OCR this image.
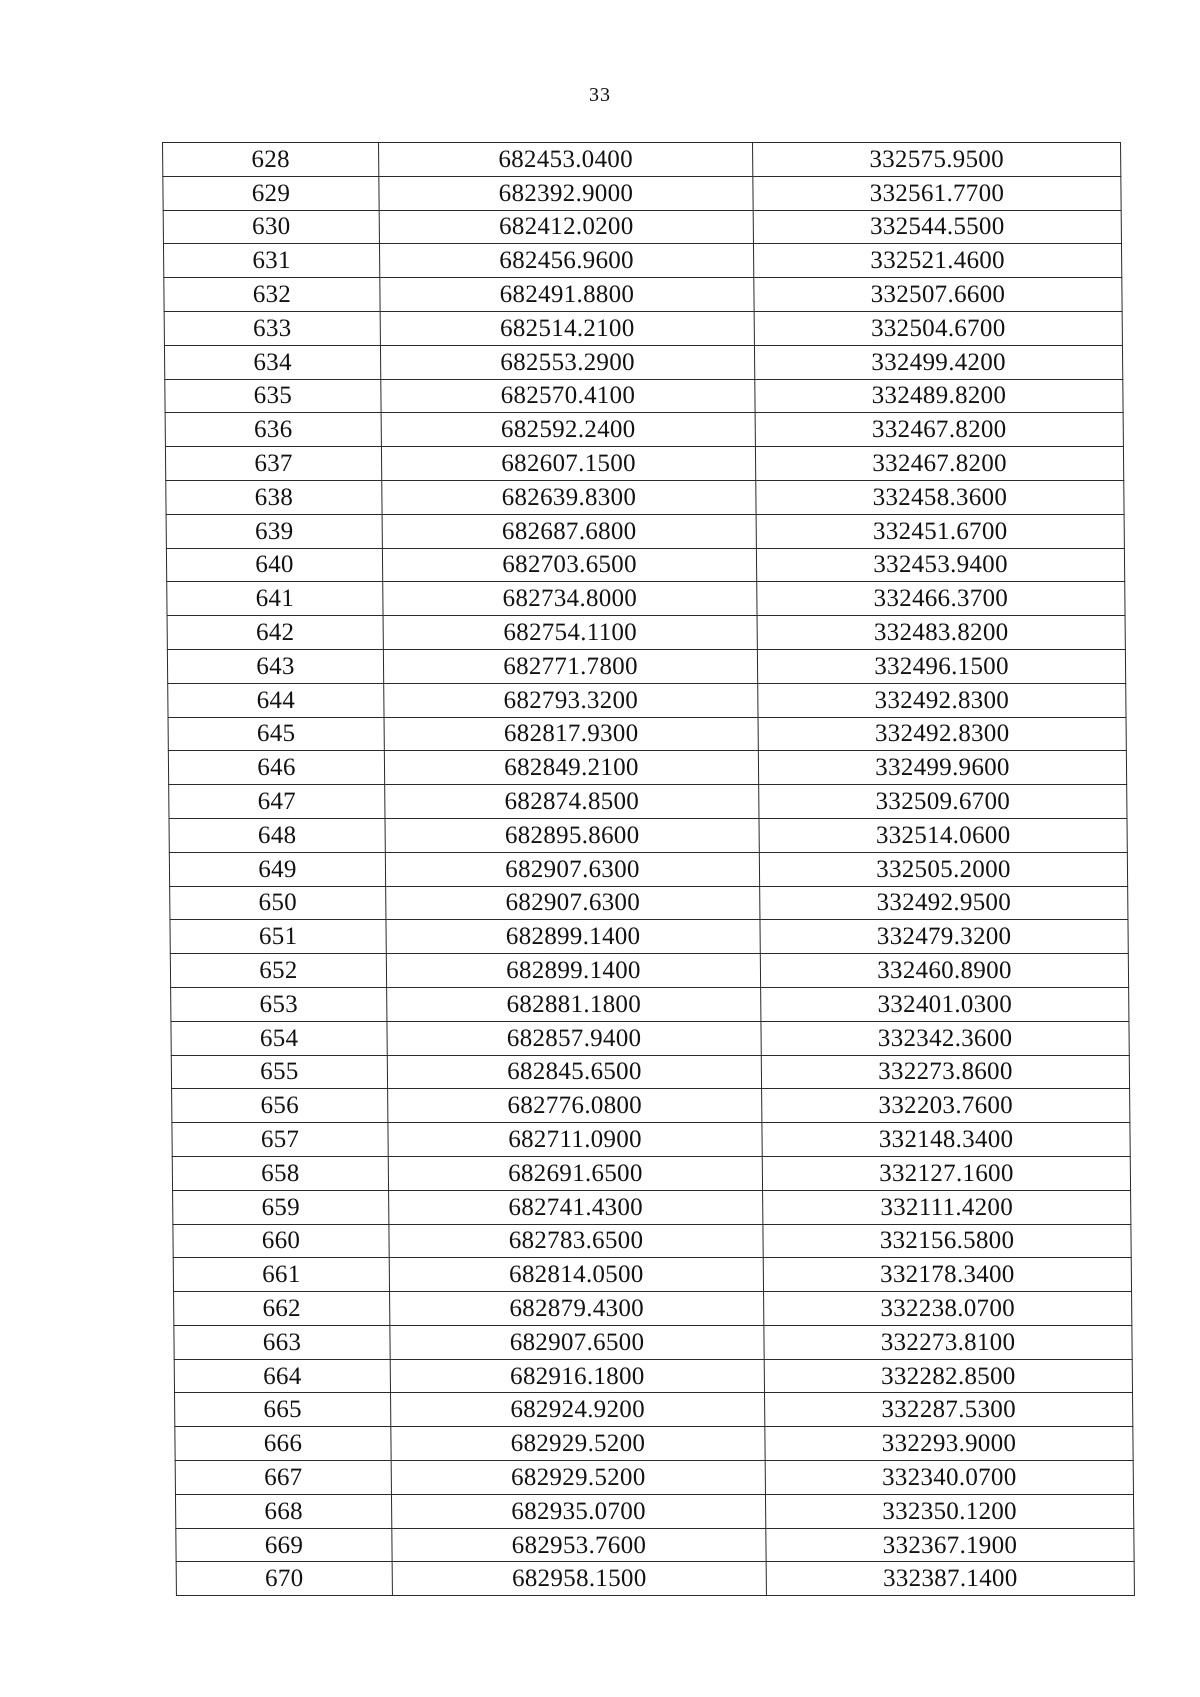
33
628	682453.0400	332575.9500
629	682392.9000	332561.7700
630	682412.0200	332544.5500
631	682456.9600	332521.4600
632	682491.8800	332507.6600
633	682514.2100	332504.6700
634	682553.2900	332499.4200
635	682570.4100	332489.8200
636	682592.2400	332467.8200
637	682607.1500	332467.8200
638	682639.8300	332458.3600
639	682687.6800	332451.6700
640	682703.6500	332453.9400
641	682734.8000	332466.3700
642	682754.1100	332483.8200
643	682771.7800	332496.1500
644	682793.3200	332492.8300
645	682817.9300	332492.8300
646	682849.2100	332499.9600
647	682874.8500	332509.6700
648	682895.8600	332514.0600
649	682907.6300	332505.2000
650	682907.6300	332492.9500
651	682899.1400	332479.3200
652	682899.1400	332460.8900
653	682881.1800	332401.0300
654	682857.9400	332342.3600
655	682845.6500	332273.8600
656	682776.0800	332203.7600
657	682711.0900	332148.3400
658	682691.6500	332127.1600
659	682741.4300	332111.4200
660	682783.6500	332156.5800
661	682814.0500	332178.3400
662	682879.4300	332238.0700
663	682907.6500	332273.8100
664	682916.1800	332282.8500
665	682924.9200	332287.5300
666	682929.5200	332293.9000
667	682929.5200	332340.0700
668	682935.0700	332350.1200
669	682953.7600	332367.1900
670	682958.1500	332387.1400
